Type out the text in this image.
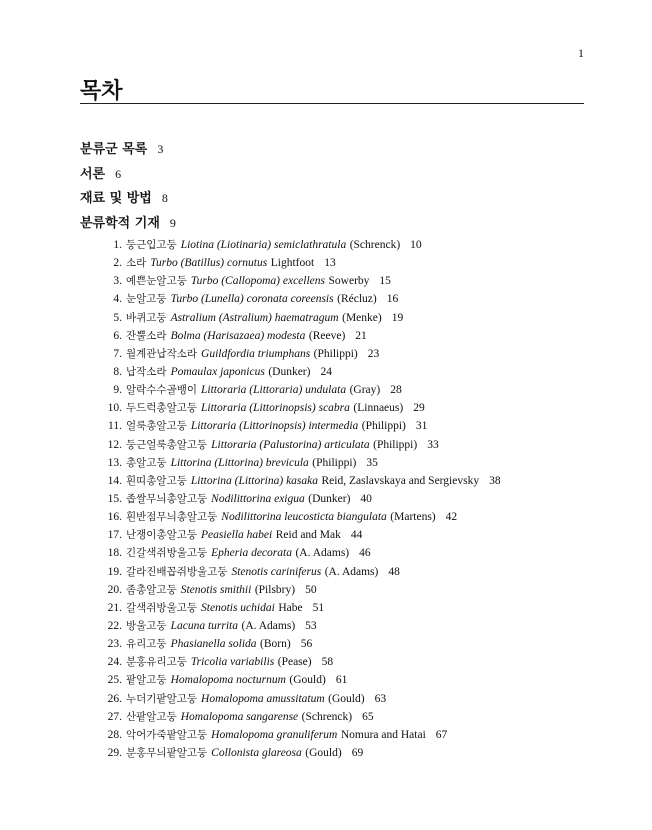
1
목차
분류군 목록 3
서론 6
재료 및 방법 8
분류학적 기재 9
1. 둥근입고둥 Liotina (Liotinaria) semiclathratula (Schrenck) 10
2. 소라 Turbo (Batillus) cornutus Lightfoot 13
3. 예쁜눈알고둥 Turbo (Callopoma) excellens Sowerby 15
4. 눈알고둥 Turbo (Lunella) coronata coreensis (Récluz) 16
5. 바퀴고둥 Astralium (Astralium) haematragum (Menke) 19
6. 잔뿔소라 Bolma (Harisazaea) modesta (Reeve) 21
7. 월계관납작소라 Guildfordia triumphans (Philippi) 23
8. 납작소라 Pomaulax japonicus (Dunker) 24
9. 알락수수골뱅이 Littoraria (Littoraria) undulata (Gray) 28
10. 두드럭총알고둥 Littoraria (Littorinopsis) scabra (Linnaeus) 29
11. 얼룩총알고둥 Littoraria (Littorinopsis) intermedia (Philippi) 31
12. 둥근얼룩총알고둥 Littoraria (Palustorina) articulata (Philippi) 33
13. 총알고둥 Littorina (Littorina) brevicula (Philippi) 35
14. 흰띠총알고둥 Littorina (Littorina) kasaka Reid, Zaslavskaya and Sergievsky 38
15. 좁쌀무늬총알고둥 Nodilittorina exigua (Dunker) 40
16. 흰반점무늬총알고둥 Nodilittorina leucosticta biangulata (Martens) 42
17. 난쟁이총알고둥 Peasiella habei Reid and Mak 44
18. 긴갈색쥐방울고둥 Epheria decorata (A. Adams) 46
19. 갈라진배꼽쥐방울고둥 Stenotis cariniferus (A. Adams) 48
20. 좀총알고둥 Stenotis smithii (Pilsbry) 50
21. 갈색쥐방울고둥 Stenotis uchidai Habe 51
22. 방울고둥 Lacuna turrita (A. Adams) 53
23. 유리고둥 Phasianella solida (Born) 56
24. 분홍유리고둥 Tricolia variabilis (Pease) 58
25. 팥알고둥 Homalopoma nocturnum (Gould) 61
26. 누더기팥알고둥 Homalopoma amussitatum (Gould) 63
27. 산팥알고둥 Homalopoma sangarense (Schrenck) 65
28. 악어가죽팥알고둥 Homalopoma granuliferum Nomura and Hatai 67
29. 분홍무늬팥알고둥 Collonista glareosa (Gould) 69
